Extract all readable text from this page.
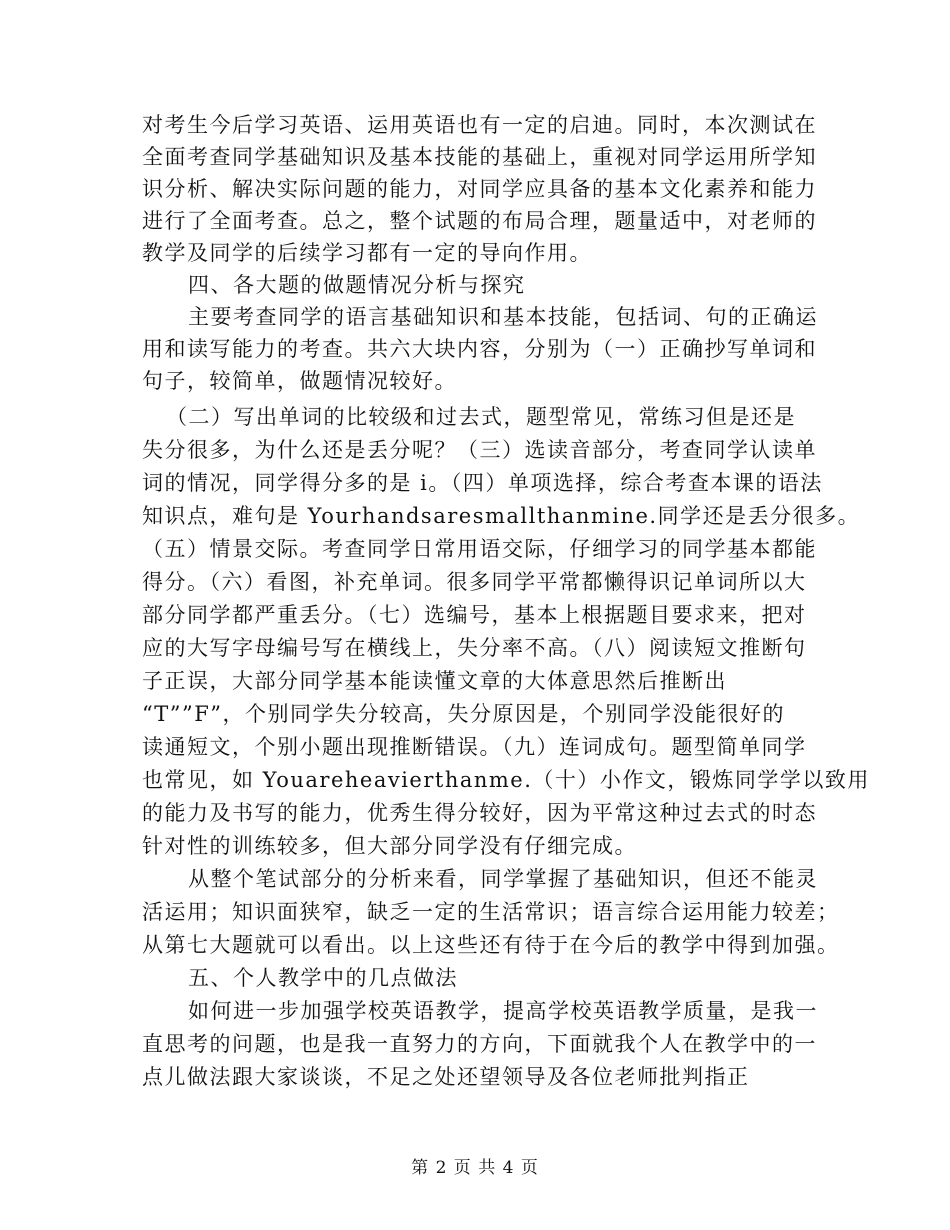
对考生今后学习英语、运用英语也有一定的启迪。同时，本次测试在
全面考查同学基础知识及基本技能的基础上，重视对同学运用所学知
识分析、解决实际问题的能力，对同学应具备的基本文化素养和能力
进行了全面考查。总之，整个试题的布局合理，题量适中，对老师的
教学及同学的后续学习都有一定的导向作用。
四、各大题的做题情况分析与探究
主要考查同学的语言基础知识和基本技能，包括词、句的正确运
用和读写能力的考查。共六大块内容，分别为（一）正确抄写单词和
句子，较简单，做题情况较好。
（二）写出单词的比较级和过去式，题型常见，常练习但是还是
失分很多，为什么还是丢分呢？（三）选读音部分，考查同学认读单
词的情况，同学得分多的是 i。（四）单项选择，综合考查本课的语法
知识点，难句是 Yourhandsaresmallthanmine.同学还是丢分很多。
（五）情景交际。考查同学日常用语交际，仔细学习的同学基本都能
得分。（六）看图，补充单词。很多同学平常都懒得识记单词所以大
部分同学都严重丢分。（七）选编号，基本上根据题目要求来，把对
应的大写字母编号写在横线上，失分率不高。（八）阅读短文推断句
子正误，大部分同学基本能读懂文章的大体意思然后推断出
“T””F”，个别同学失分较高，失分原因是，个别同学没能很好的
读通短文，个别小题出现推断错误。（九）连词成句。题型简单同学
也常见，如 Youareheavierthanme.（十）小作文，锻炼同学学以致用
的能力及书写的能力，优秀生得分较好，因为平常这种过去式的时态
针对性的训练较多，但大部分同学没有仔细完成。
从整个笔试部分的分析来看，同学掌握了基础知识，但还不能灵
活运用；知识面狭窄，缺乏一定的生活常识；语言综合运用能力较差；
从第七大题就可以看出。以上这些还有待于在今后的教学中得到加强。
五、个人教学中的几点做法
如何进一步加强学校英语教学，提高学校英语教学质量，是我一
直思考的问题，也是我一直努力的方向，下面就我个人在教学中的一
点儿做法跟大家谈谈，不足之处还望领导及各位老师批判指正
第 2 页 共 4 页
